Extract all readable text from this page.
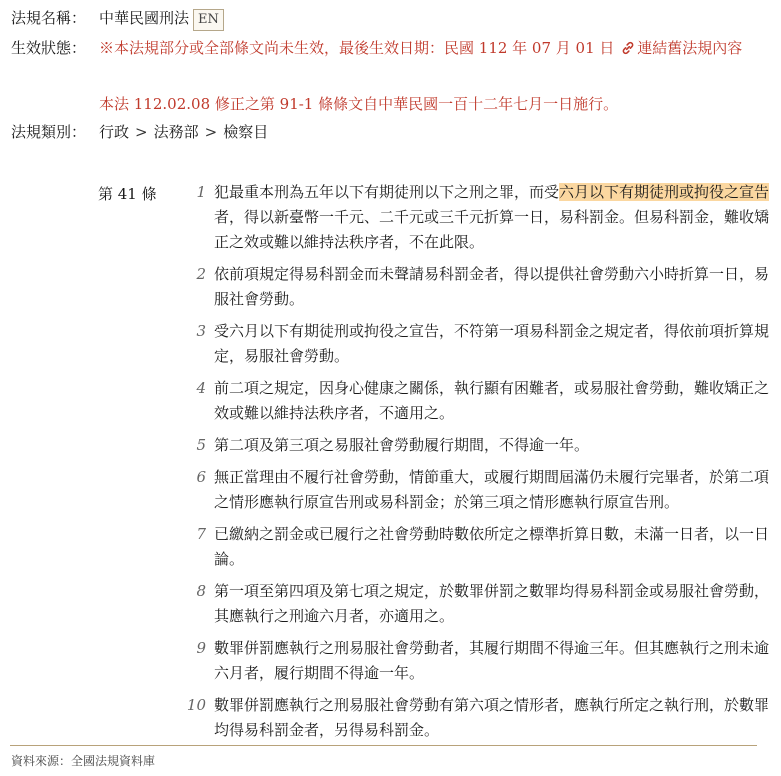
法規名稱： 中華民國刑法 EN
生效狀態： ※本法規部分或全部條文尚未生效，最後生效日期：民國 112 年 07 月 01 日 連結舊法規內容
本法 112.02.08 修正之第 91-1 條條文自中華民國一百十二年七月一日施行。
法規類別： 行政 > 法務部 > 檢察目
第 41 條	1 犯最重本刑為五年以下有期徒刑以下之刑之罪，而受六月以下有期徒刑或拘役之宣告者，得以新臺幣一千元、二千元或三千元折算一日，易科罰金。但易科罰金，難收矯正之效或難以維持法秩序者，不在此限。
2 依前項規定得易科罰金而未聲請易科罰金者，得以提供社會勞動六小時折算一日，易服社會勞動。
3 受六月以下有期徒刑或拘役之宣告，不符第一項易科罰金之規定者，得依前項折算規定，易服社會勞動。
4 前二項之規定，因身心健康之關係，執行顯有困難者，或易服社會勞動，難收矯正之效或難以維持法秩序者，不適用之。
5 第二項及第三項之易服社會勞動履行期間，不得逾一年。
6 無正當理由不履行社會勞動，情節重大，或履行期間屆滿仍未履行完畢者，於第二項之情形應執行原宣告刑或易科罰金；於第三項之情形應執行原宣告刑。
7 已繳納之罰金或已履行之社會勞動時數依所定之標準折算日數，未滿一日者，以一日論。
8 第一項至第四項及第七項之規定，於數罪併罰之數罪均得易科罰金或易服社會勞動，其應執行之刑逾六月者，亦適用之。
9 數罪併罰應執行之刑易服社會勞動者，其履行期間不得逾三年。但其應執行之刑未逾六月者，履行期間不得逾一年。
10 數罪併罰應執行之刑易服社會勞動有第六項之情形者，應執行所定之執行刑，於數罪均得易科罰金者，另得易科罰金。
資料來源：全國法規資料庫
